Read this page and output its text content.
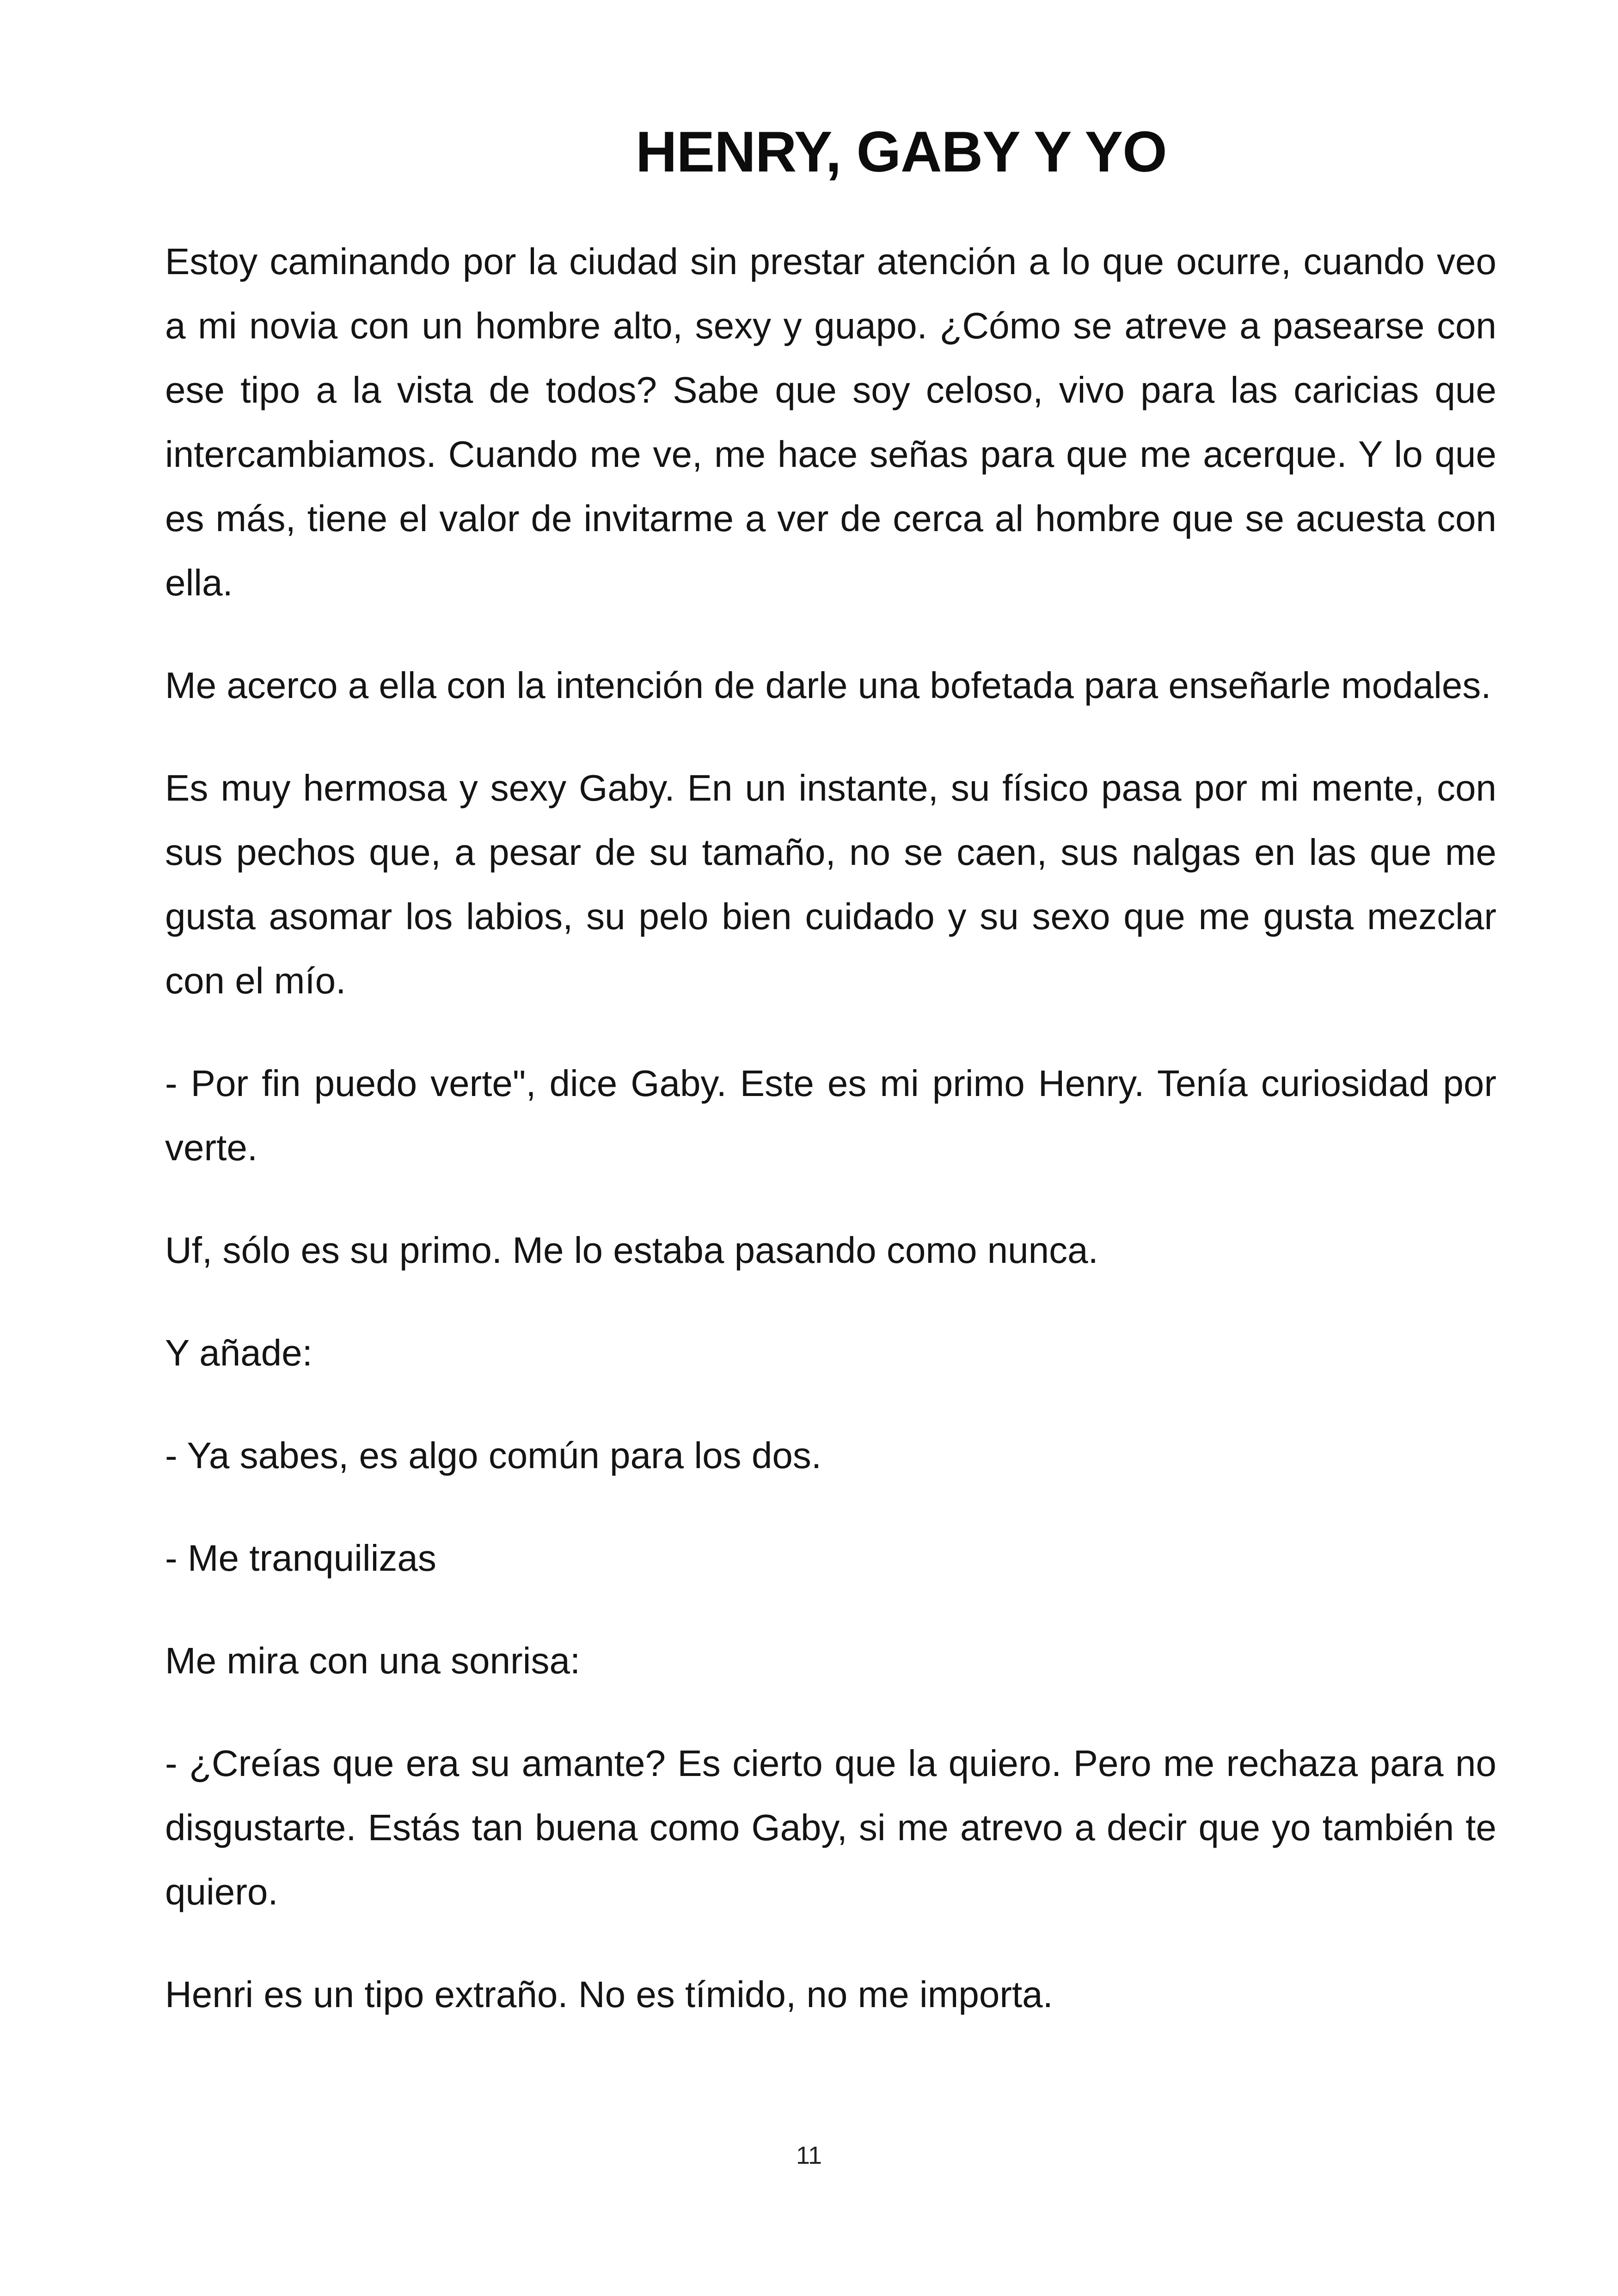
HENRY, GABY Y YO

Estoy caminando por la ciudad sin prestar atención a lo que ocurre, cuando veo a mi novia con un hombre alto, sexy y guapo. ¿Cómo se atreve a pasearse con ese tipo a la vista de todos? Sabe que soy celoso, vivo para las caricias que intercambiamos. Cuando me ve, me hace señas para que me acerque. Y lo que es más, tiene el valor de invitarme a ver de cerca al hombre que se acuesta con ella.

Me acerco a ella con la intención de darle una bofetada para enseñarle modales.

Es muy hermosa y sexy Gaby. En un instante, su físico pasa por mi mente, con sus pechos que, a pesar de su tamaño, no se caen, sus nalgas en las que me gusta asomar los labios, su pelo bien cuidado y su sexo que me gusta mezclar con el mío.

- Por fin puedo verte", dice Gaby. Este es mi primo Henry. Tenía curiosidad por verte.

Uf, sólo es su primo. Me lo estaba pasando como nunca.

Y añade:

- Ya sabes, es algo común para los dos.

- Me tranquilizas

Me mira con una sonrisa:

- ¿Creías que era su amante? Es cierto que la quiero. Pero me rechaza para no disgustarte. Estás tan buena como Gaby, si me atrevo a decir que yo también te quiero.

Henri es un tipo extraño. No es tímido, no me importa.

11
